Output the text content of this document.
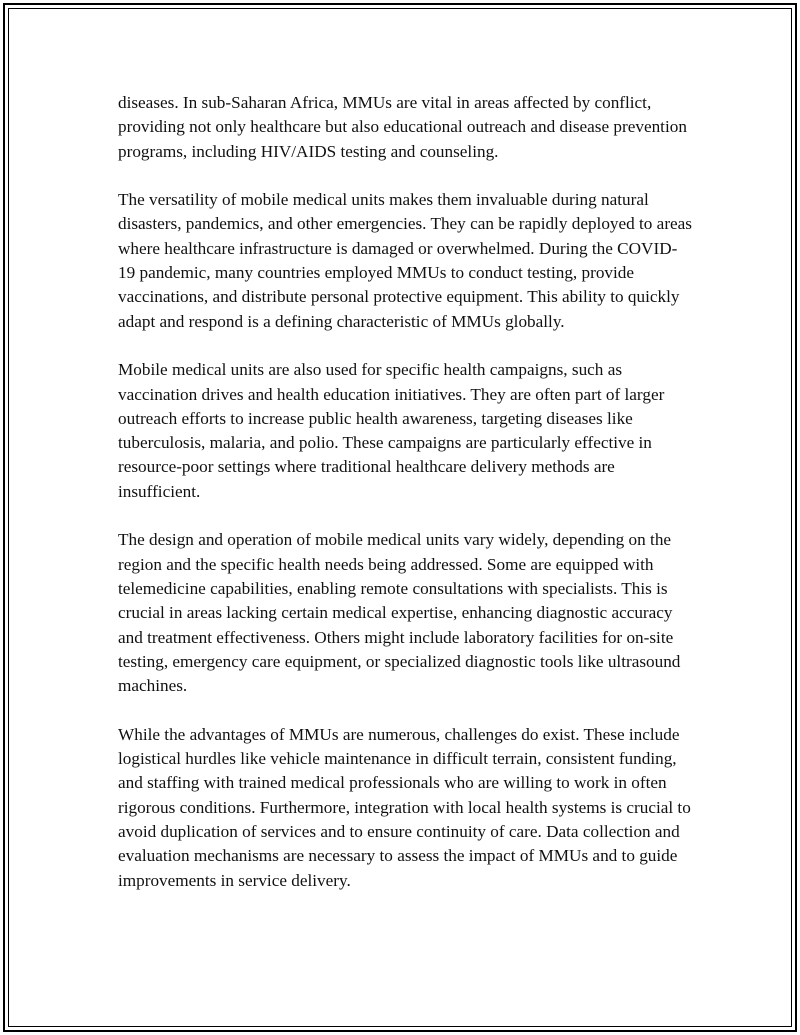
diseases. In sub-Saharan Africa, MMUs are vital in areas affected by conflict, providing not only healthcare but also educational outreach and disease prevention programs, including HIV/AIDS testing and counseling.

The versatility of mobile medical units makes them invaluable during natural disasters, pandemics, and other emergencies. They can be rapidly deployed to areas where healthcare infrastructure is damaged or overwhelmed. During the COVID-19 pandemic, many countries employed MMUs to conduct testing, provide vaccinations, and distribute personal protective equipment. This ability to quickly adapt and respond is a defining characteristic of MMUs globally.

Mobile medical units are also used for specific health campaigns, such as vaccination drives and health education initiatives. They are often part of larger outreach efforts to increase public health awareness, targeting diseases like tuberculosis, malaria, and polio. These campaigns are particularly effective in resource-poor settings where traditional healthcare delivery methods are insufficient.

The design and operation of mobile medical units vary widely, depending on the region and the specific health needs being addressed. Some are equipped with telemedicine capabilities, enabling remote consultations with specialists. This is crucial in areas lacking certain medical expertise, enhancing diagnostic accuracy and treatment effectiveness. Others might include laboratory facilities for on-site testing, emergency care equipment, or specialized diagnostic tools like ultrasound machines.

While the advantages of MMUs are numerous, challenges do exist. These include logistical hurdles like vehicle maintenance in difficult terrain, consistent funding, and staffing with trained medical professionals who are willing to work in often rigorous conditions. Furthermore, integration with local health systems is crucial to avoid duplication of services and to ensure continuity of care. Data collection and evaluation mechanisms are necessary to assess the impact of MMUs and to guide improvements in service delivery.
